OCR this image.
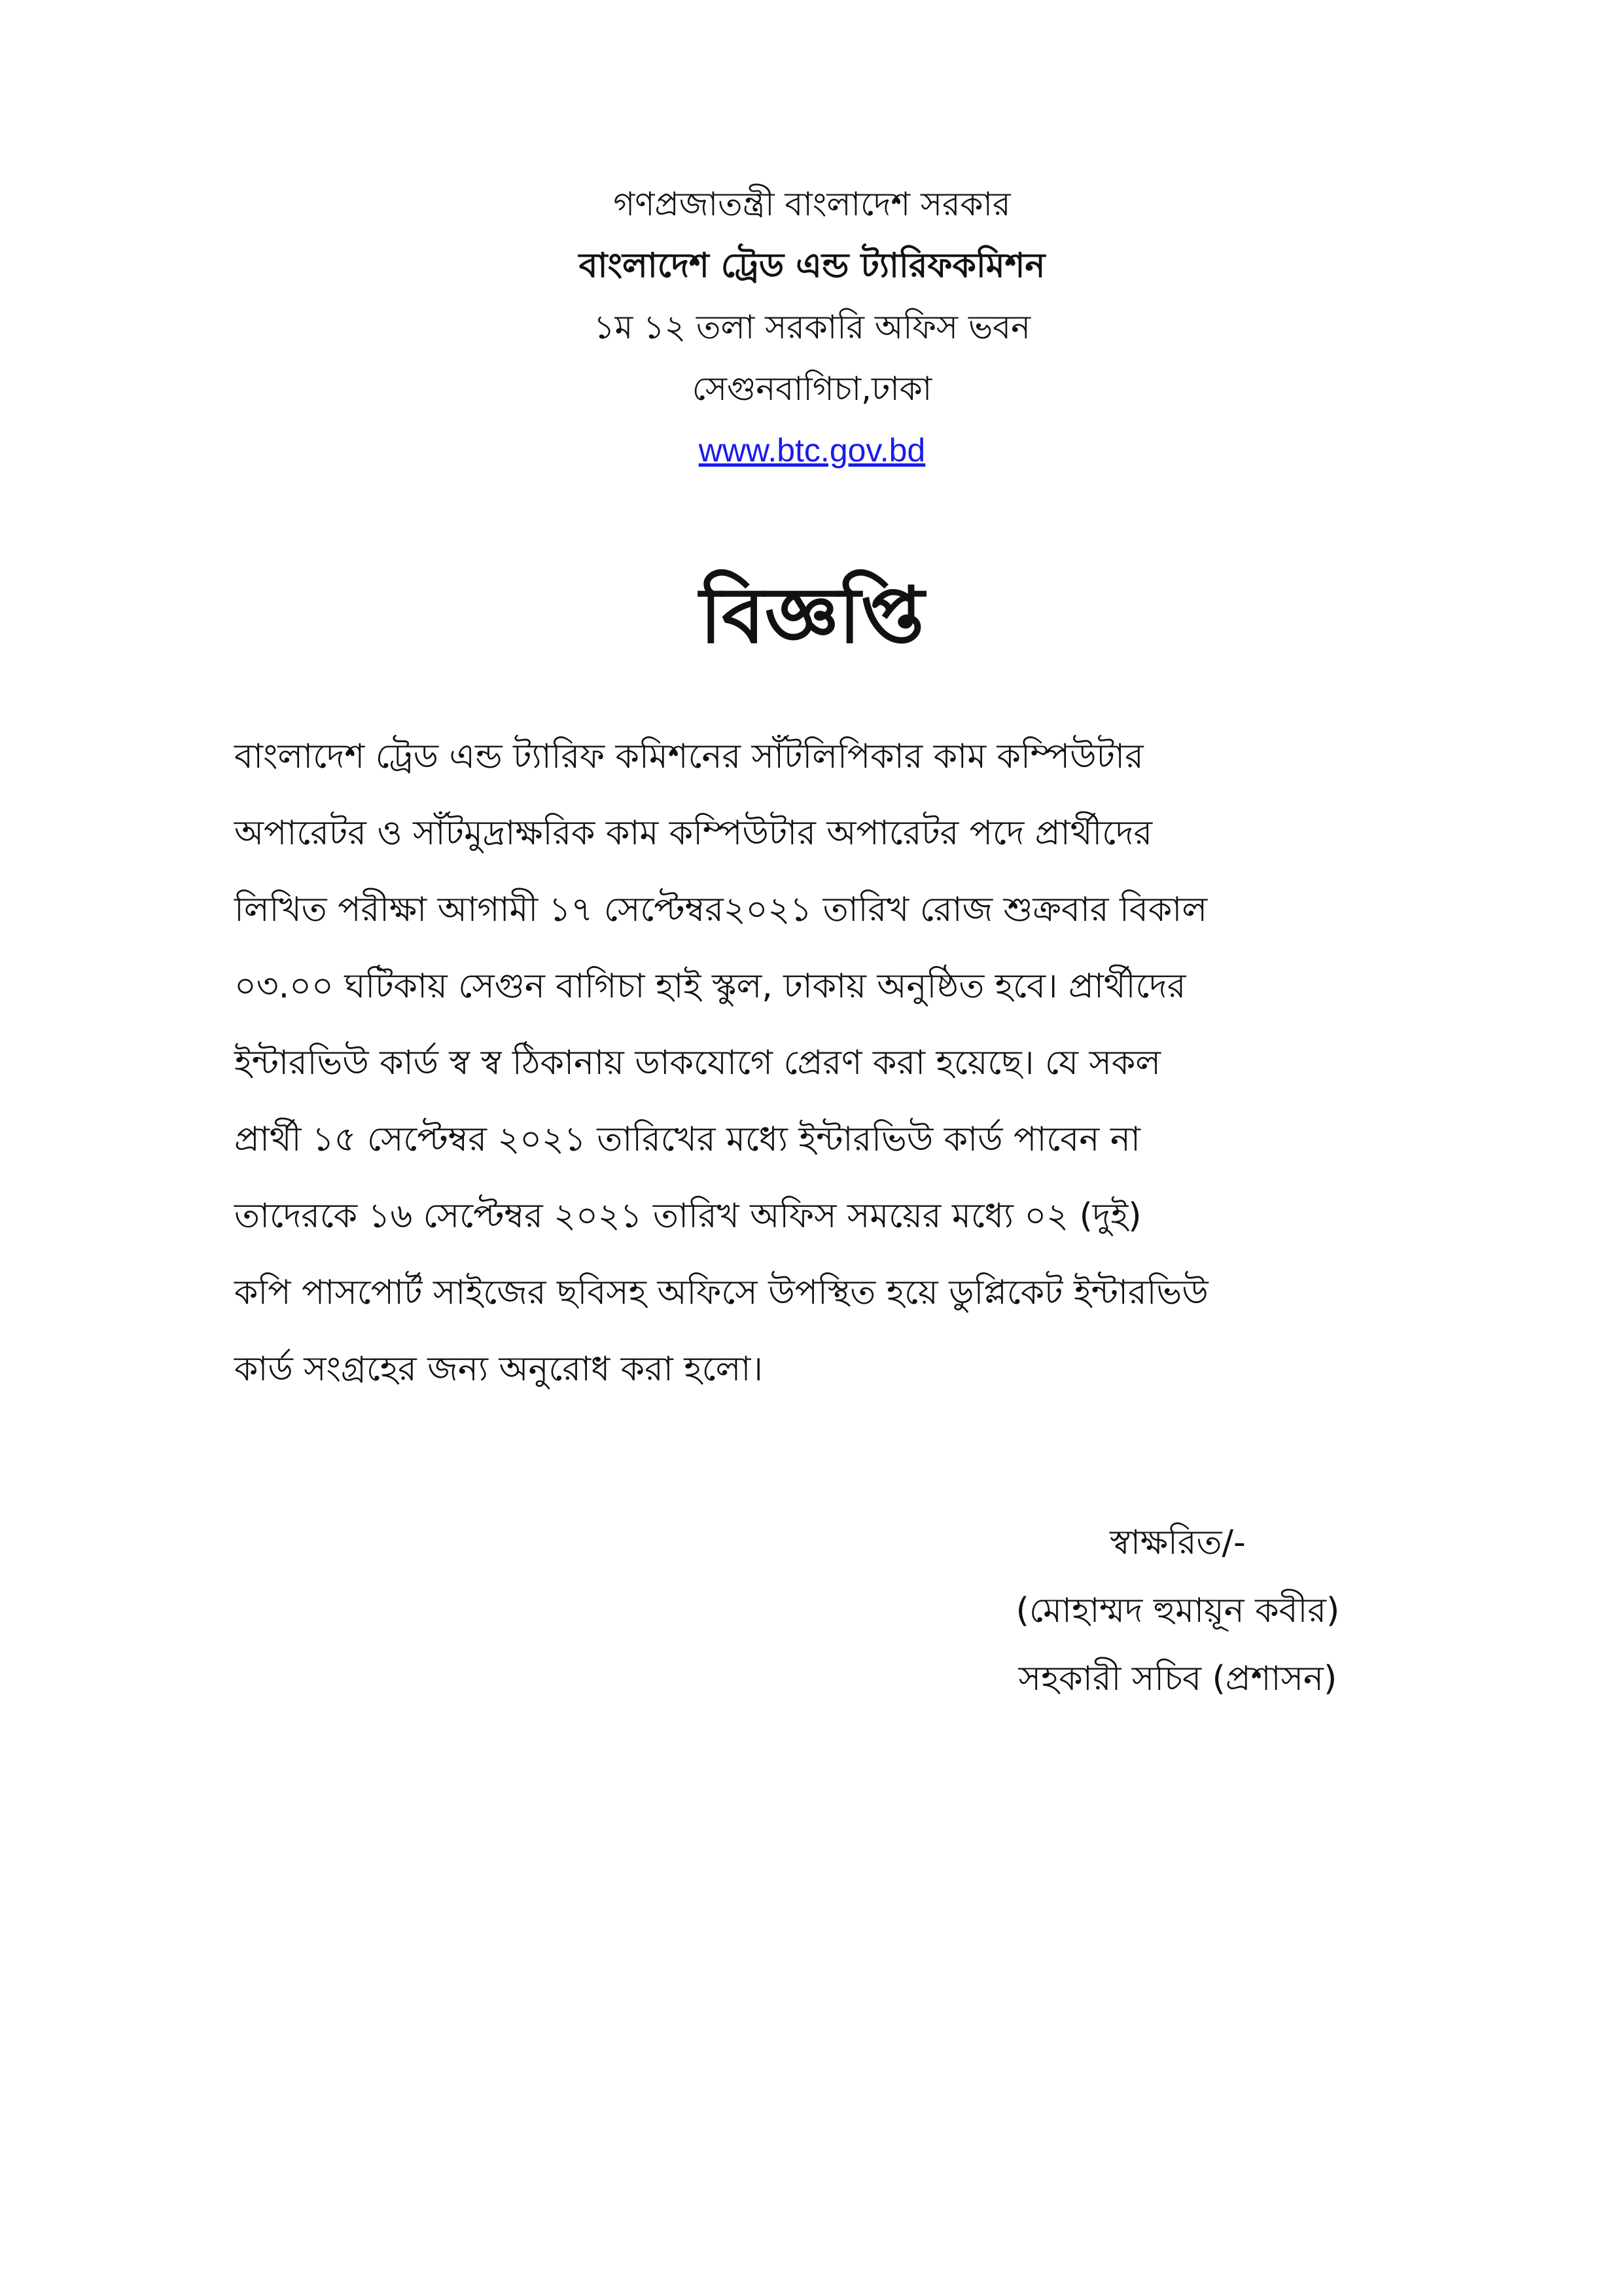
গণপ্রজাতন্ত্রী বাংলাদেশ সরকার
বাংলাদেশ ট্রেড এন্ড ট্যারিফকমিশন
১ম ১২ তলা সরকারি অফিস ভবন
সেগুনবাগিচা,ঢাকা
www.btc.gov.bd
বিজ্ঞপ্তি
বাংলাদেশ ট্রেড এন্ড ট্যারিফ কমিশনের সাঁটলিপিকার কাম কম্পিউটার
অপারেটর ও সাঁটমুদ্রাক্ষরিক কাম কম্পিউটার অপারেটর পদে প্রার্থীদের
লিখিত পরীক্ষা আগামী ১৭ সেপ্টেম্বর২০২১ তারিখ রোজ শুক্রবার বিকাল
০৩.০০ ঘটিকায় সেগুন বাগিচা হাই স্কুল, ঢাকায় অনুষ্ঠিত হবে। প্রার্থীদের
ইন্টারভিউ কার্ড স্ব স্ব ঠিকানায় ডাকযোগে প্রেরণ করা হয়েছে। যে সকল
প্রার্থী ১৫ সেপ্টেম্বর ২০২১ তারিখের মধ্যে ইন্টারভিউ কার্ড পাবেন না
তাদেরকে ১৬ সেপ্টেম্বর ২০২১ তারিখ অফিস সময়ের মধ্যে ০২ (দুই)
কপি পাসপোর্ট সাইজের ছবিসহ অফিসে উপস্থিত হয়ে ডুপ্লিকেট ইন্টারভিউ
কার্ড সংগ্রহের জন্য অনুরোধ করা হলো।
স্বাক্ষরিত/-
(মোহাম্মদ হুমায়ূন কবীর)
সহকারী সচিব (প্রশাসন)
